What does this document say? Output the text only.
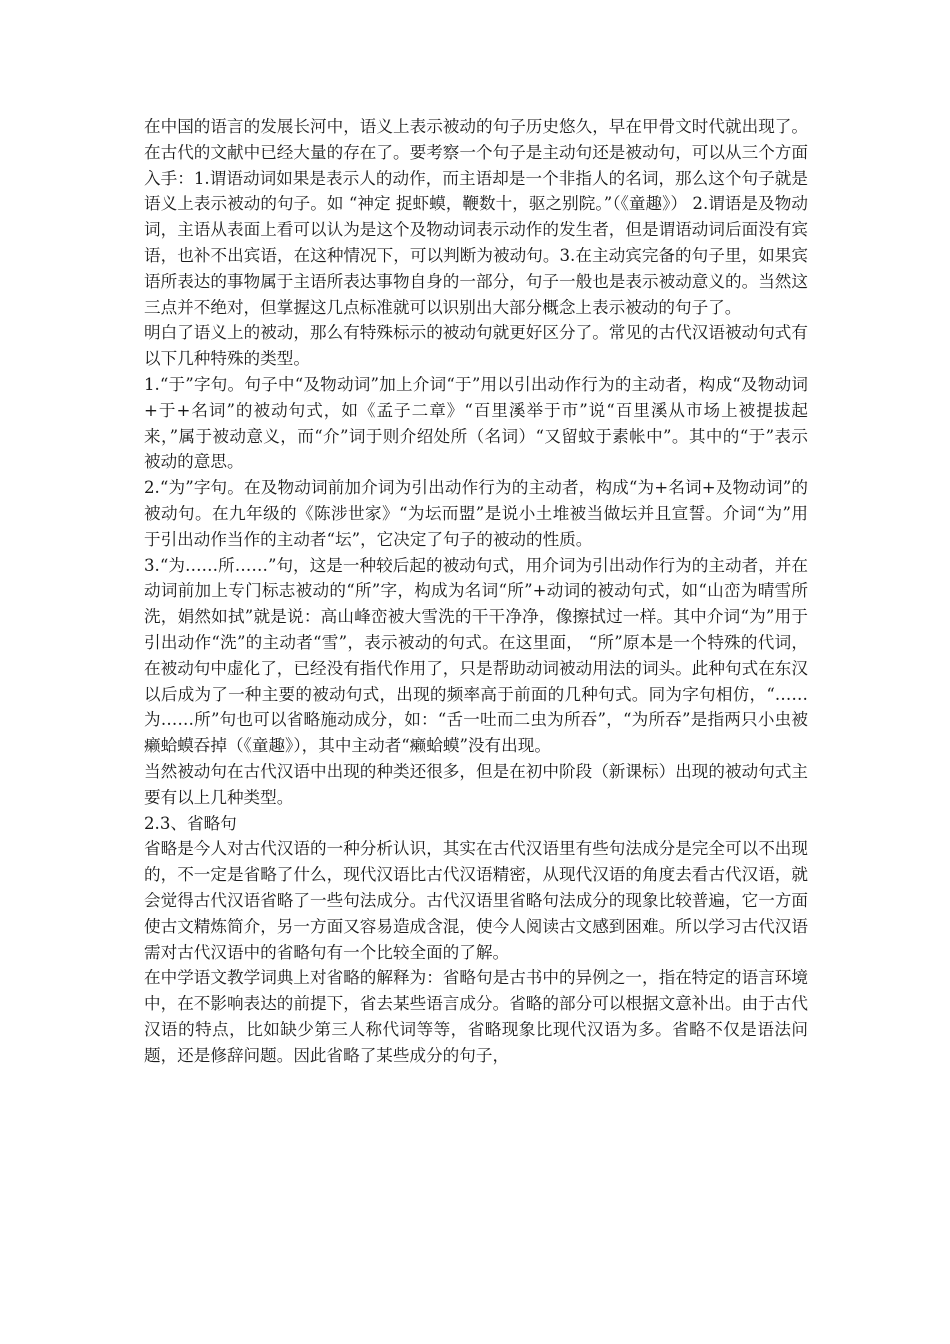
在中国的语言的发展长河中，语义上表示被动的句子历史悠久，早在甲骨文时代就出现了。在古代的文献中已经大量的存在了。要考察一个句子是主动句还是被动句，可以从三个方面入手：1.谓语动词如果是表示人的动作，而主语却是一个非指人的名词，那么这个句子就是语义上表示被动的句子。如 “神定 捉虾蟆，鞭数十，驱之别院。”（《童趣》） 2.谓语是及物动词，主语从表面上看可以认为是这个及物动词表示动作的发生者，但是谓语动词后面没有宾语，也补不出宾语，在这种情况下，可以判断为被动句。3.在主动宾完备的句子里，如果宾语所表达的事物属于主语所表达事物自身的一部分，句子一般也是表示被动意义的。当然这三点并不绝对，但掌握这几点标准就可以识别出大部分概念上表示被动的句子了。

明白了语义上的被动，那么有特殊标示的被动句就更好区分了。常见的古代汉语被动句式有以下几种特殊的类型。

1.“于”字句。句子中“及物动词”加上介词“于”用以引出动作行为的主动者，构成“及物动词+于+名词”的被动句式，如《孟子二章》“百里溪举于市”说“百里溪从市场上被提拔起来，”属于被动意义，而“介”词于则介绍处所（名词）“又留蚊于素帐中”。其中的“于”表示被动的意思。

2.“为”字句。在及物动词前加介词为引出动作行为的主动者，构成“为+名词+及物动词”的被动句。在九年级的《陈涉世家》“为坛而盟”是说小土堆被当做坛并且宣誓。介词“为”用于引出动作当作的主动者“坛”，它决定了句子的被动的性质。

3.“为……所……”句，这是一种较后起的被动句式，用介词为引出动作行为的主动者，并在动词前加上专门标志被动的“所”字，构成为名词“所”+动词的被动句式，如“山峦为晴雪所洗，娟然如拭”就是说：高山峰峦被大雪洗的干干净净，像擦拭过一样。其中介词“为”用于引出动作“洗”的主动者“雪”，表示被动的句式。在这里面， “所”原本是一个特殊的代词，在被动句中虚化了，已经没有指代作用了，只是帮助动词被动用法的词头。此种句式在东汉以后成为了一种主要的被动句式，出现的频率高于前面的几种句式。同为字句相仿，“……为……所”句也可以省略施动成分，如：“舌一吐而二虫为所吞”，“为所吞”是指两只小虫被癞蛤蟆吞掉（《童趣》），其中主动者“癞蛤蟆”没有出现。

当然被动句在古代汉语中出现的种类还很多，但是在初中阶段（新课标）出现的被动句式主要有以上几种类型。

2.3、省略句

省略是今人对古代汉语的一种分析认识，其实在古代汉语里有些句法成分是完全可以不出现的，不一定是省略了什么，现代汉语比古代汉语精密，从现代汉语的角度去看古代汉语，就会觉得古代汉语省略了一些句法成分。古代汉语里省略句法成分的现象比较普遍，它一方面使古文精炼简介，另一方面又容易造成含混，使今人阅读古文感到困难。所以学习古代汉语需对古代汉语中的省略句有一个比较全面的了解。

在中学语文教学词典上对省略的解释为：省略句是古书中的异例之一，指在特定的语言环境中，在不影响表达的前提下，省去某些语言成分。省略的部分可以根据文意补出。由于古代汉语的特点，比如缺少第三人称代词等等，省略现象比现代汉语为多。省略不仅是语法问题，还是修辞问题。因此省略了某些成分的句子，
